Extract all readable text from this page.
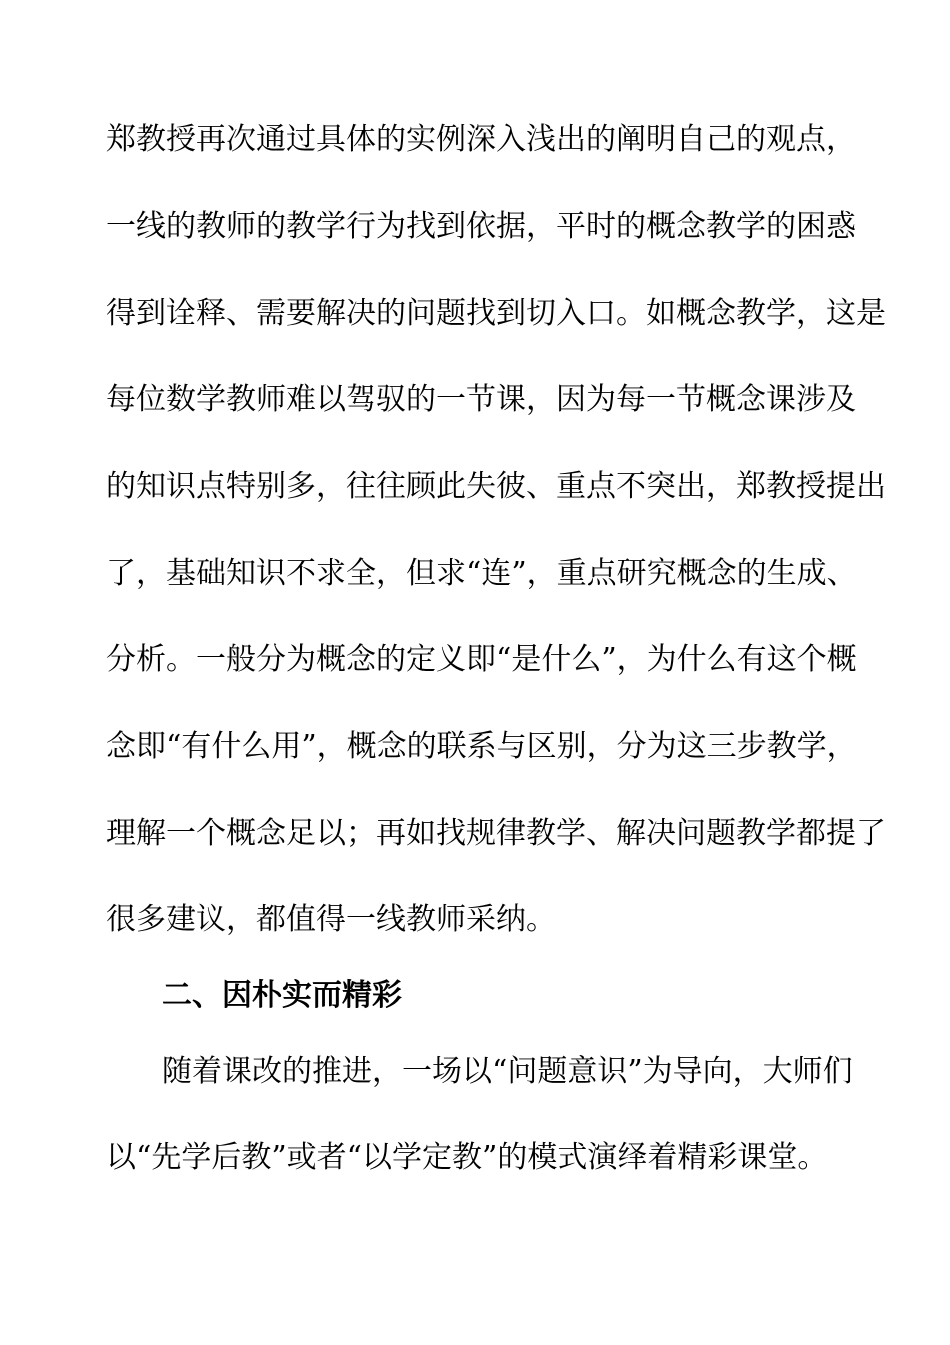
郑教授再次通过具体的实例深入浅出的阐明自己的观点，
一线的教师的教学行为找到依据，平时的概念教学的困惑
得到诠释、需要解决的问题找到切入口。如概念教学，这是
每位数学教师难以驾驭的一节课，因为每一节概念课涉及
的知识点特别多，往往顾此失彼、重点不突出，郑教授提出
了，基础知识不求全，但求“连”，重点研究概念的生成、
分析。一般分为概念的定义即“是什么”，为什么有这个概
念即“有什么用”，概念的联系与区别，分为这三步教学，
理解一个概念足以；再如找规律教学、解决问题教学都提了
很多建议，都值得一线教师采纳。
二、因朴实而精彩
随着课改的推进，一场以“问题意识”为导向，大师们
以“先学后教”或者“以学定教”的模式演绎着精彩课堂。
